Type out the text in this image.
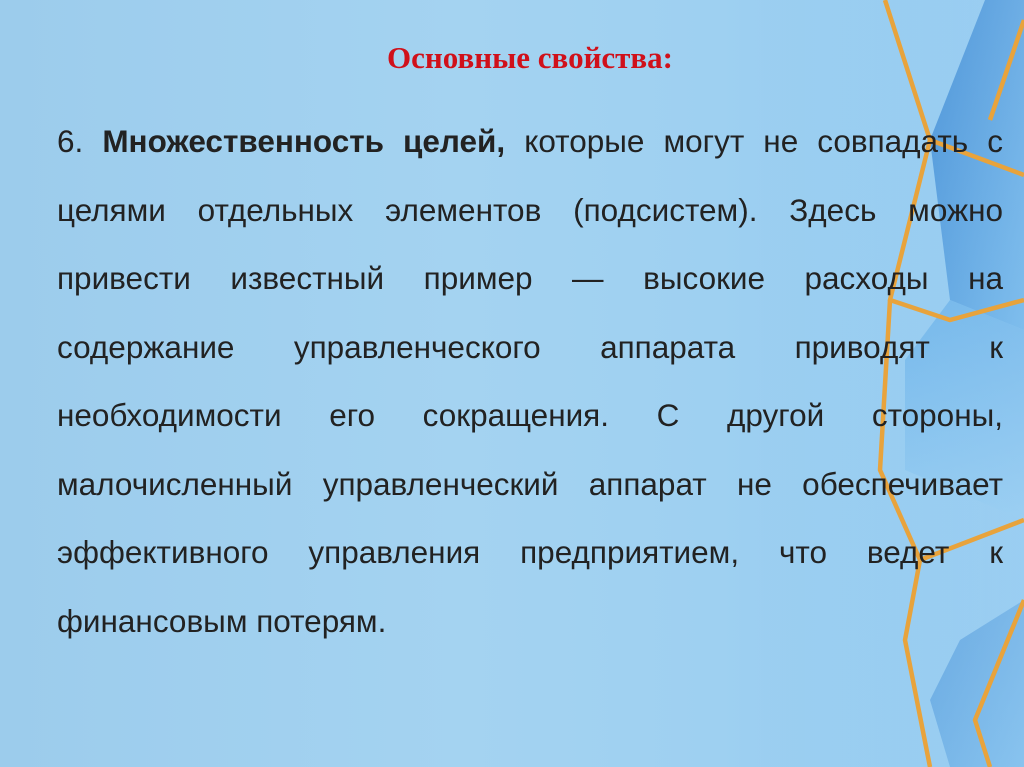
Основные свойства:

6. Множественность целей, которые могут не совпадать с целями отдельных элементов (подсистем). Здесь можно привести известный пример — высокие расходы на содержание управленческого аппарата приводят к необходимости его сокращения. С другой стороны, малочисленный управленческий аппарат не обеспечивает эффективного управления предприятием, что ведет к финансовым потерям.
